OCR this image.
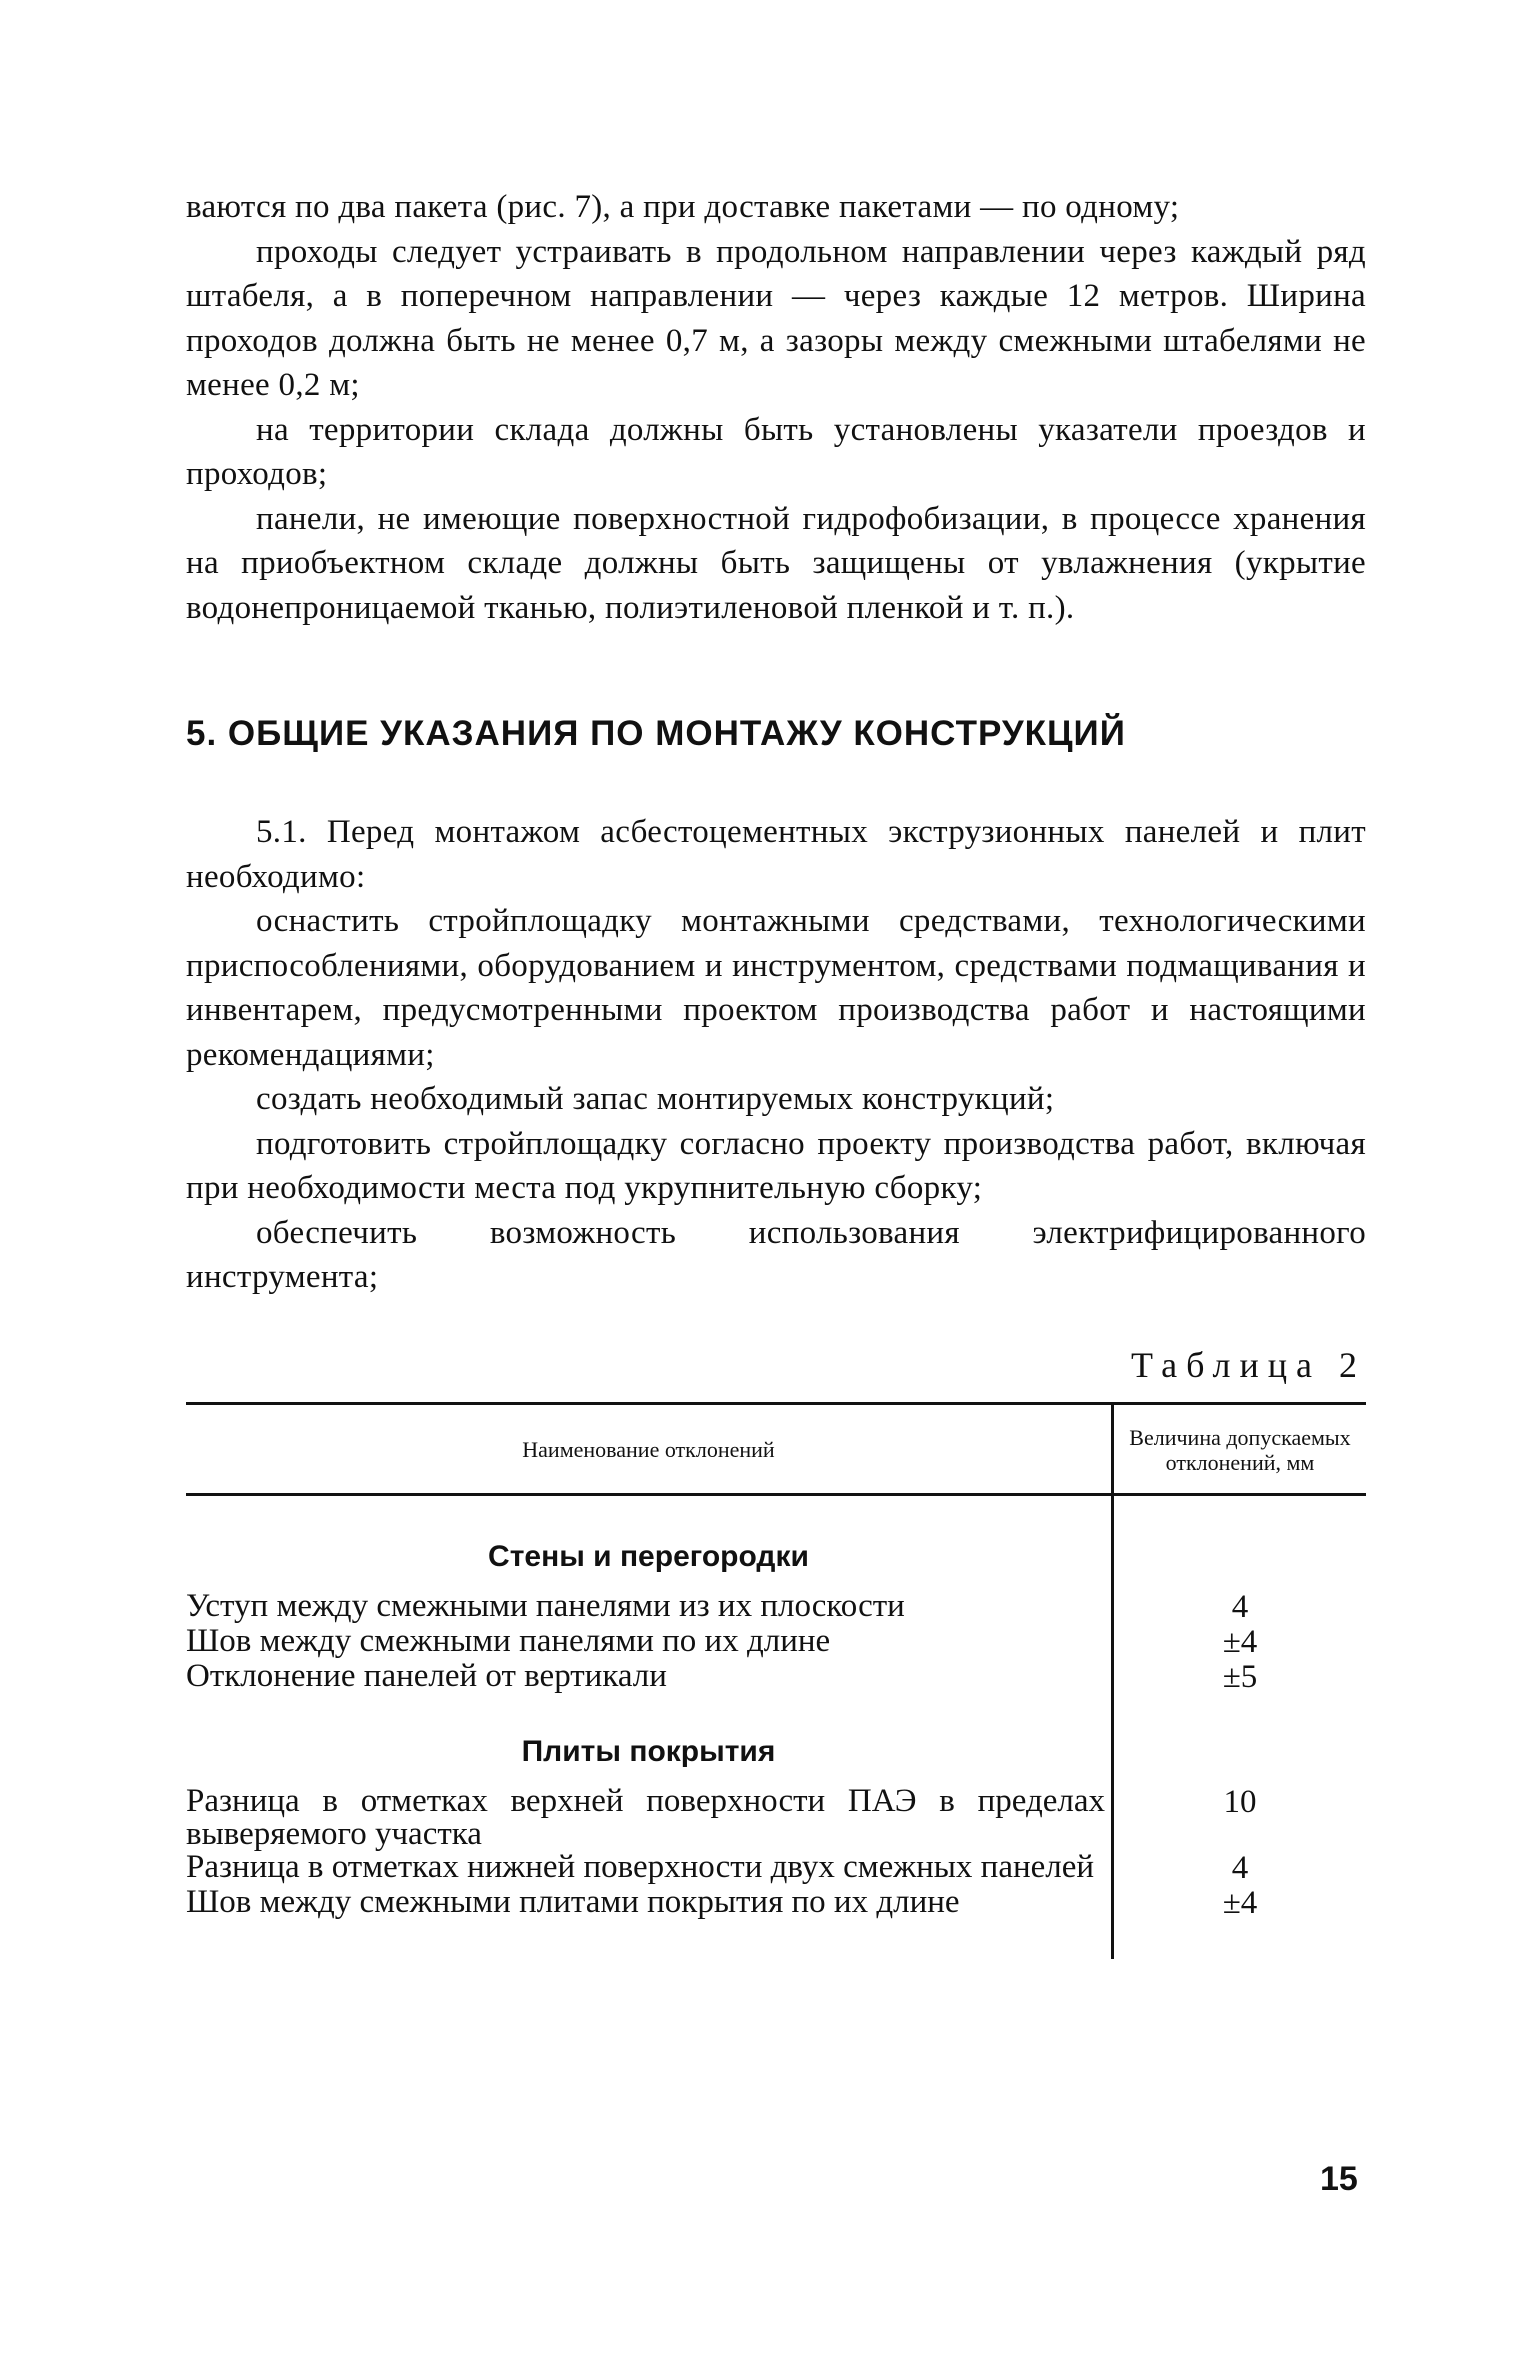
ваются по два пакета (рис. 7), а при доставке пакетами — по одному;

проходы следует устраивать в продольном направлении через каждый ряд штабеля, а в поперечном направлении — через каждые 12 метров. Ширина проходов должна быть не менее 0,7 м, а зазоры между смежными штабелями не менее 0,2 м;

на территории склада должны быть установлены указатели проездов и проходов;

панели, не имеющие поверхностной гидрофобизации, в процессе хранения на приобъектном складе должны быть защищены от увлажнения (укрытие водонепроницаемой тканью, полиэтиленовой пленкой и т. п.).

5. ОБЩИЕ УКАЗАНИЯ ПО МОНТАЖУ КОНСТРУКЦИЙ

5.1. Перед монтажом асбестоцементных экструзионных панелей и плит необходимо:

оснастить стройплощадку монтажными средствами, технологическими приспособлениями, оборудованием и инструментом, средствами подмащивания и инвентарем, предусмотренными проектом производства работ и настоящими рекомендациями;

создать необходимый запас монтируемых конструкций;

подготовить стройплощадку согласно проекту производства работ, включая при необходимости места под укрупнительную сборку;

обеспечить возможность использования электрифицированного инструмента;

Таблица 2
Наименование отклонений	Величина допускаемых отклонений, мм
Стены и перегородки	
Уступ между смежными панелями из их плоскости	4
Шов между смежными панелями по их длине	±4
Отклонение панелей от вертикали	±5
Плиты покрытия	
Разница в отметках верхней поверхности ПАЭ в пределах выверяемого участка	10
Разница в отметках нижней поверхности двух смежных панелей	4
Шов между смежными плитами покрытия по их длине	±4

15
